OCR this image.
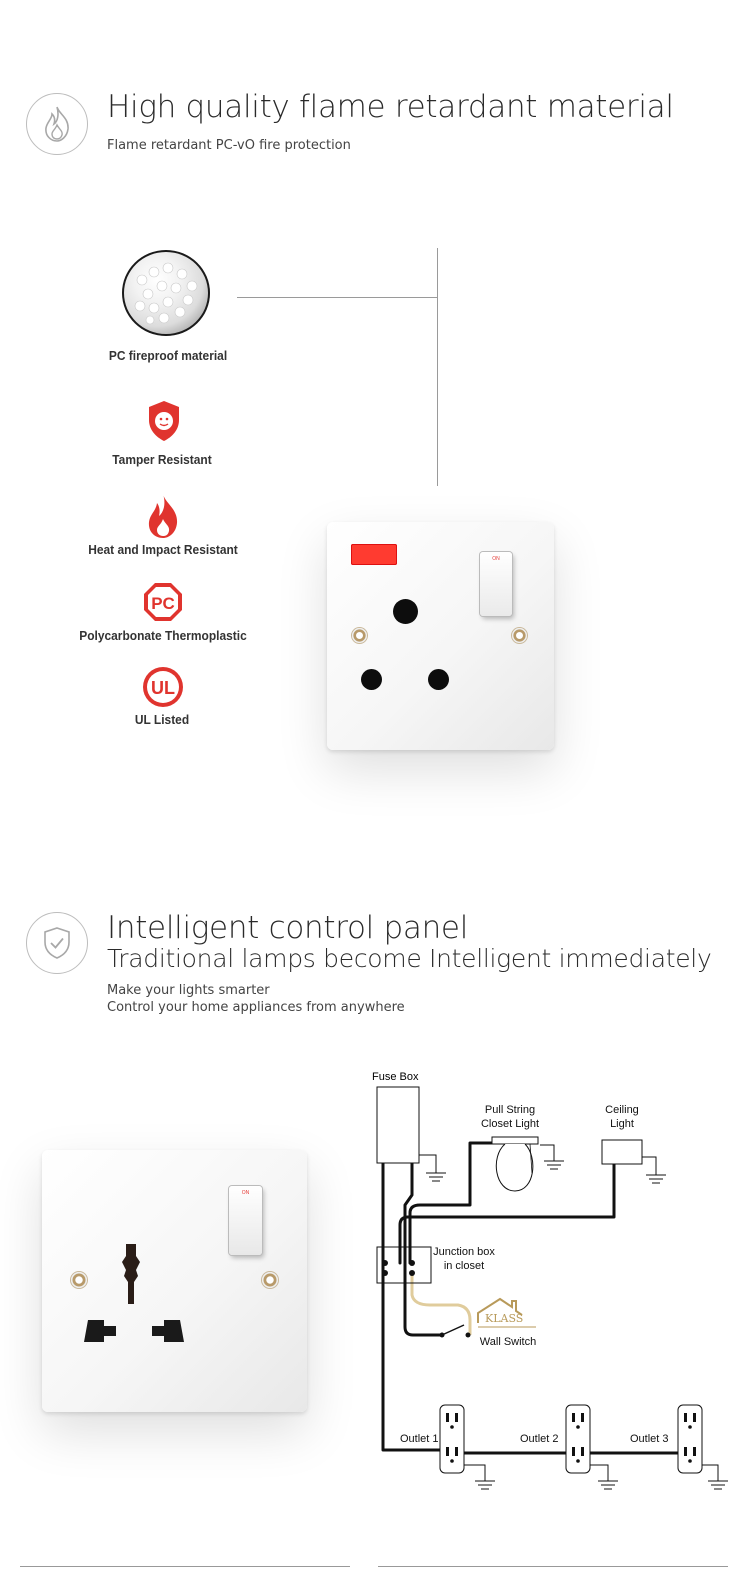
High quality flame retardant material
Flame retardant PC-vO fire protection
PC fireproof material
Tamper Resistant
Heat and Impact Resistant
PC
Polycarbonate Thermoplastic
UL
UL Listed
ON
Intelligent control panel
Traditional lamps become Intelligent immediately
Make your lights smarter
Control your home appliances from anywhere
ON
Fuse Box
Pull String
Closet Light
Ceiling
Light
Junction box
in closet
Wall Switch
KLASS
Outlet 1	Outlet 2	Outlet 3
